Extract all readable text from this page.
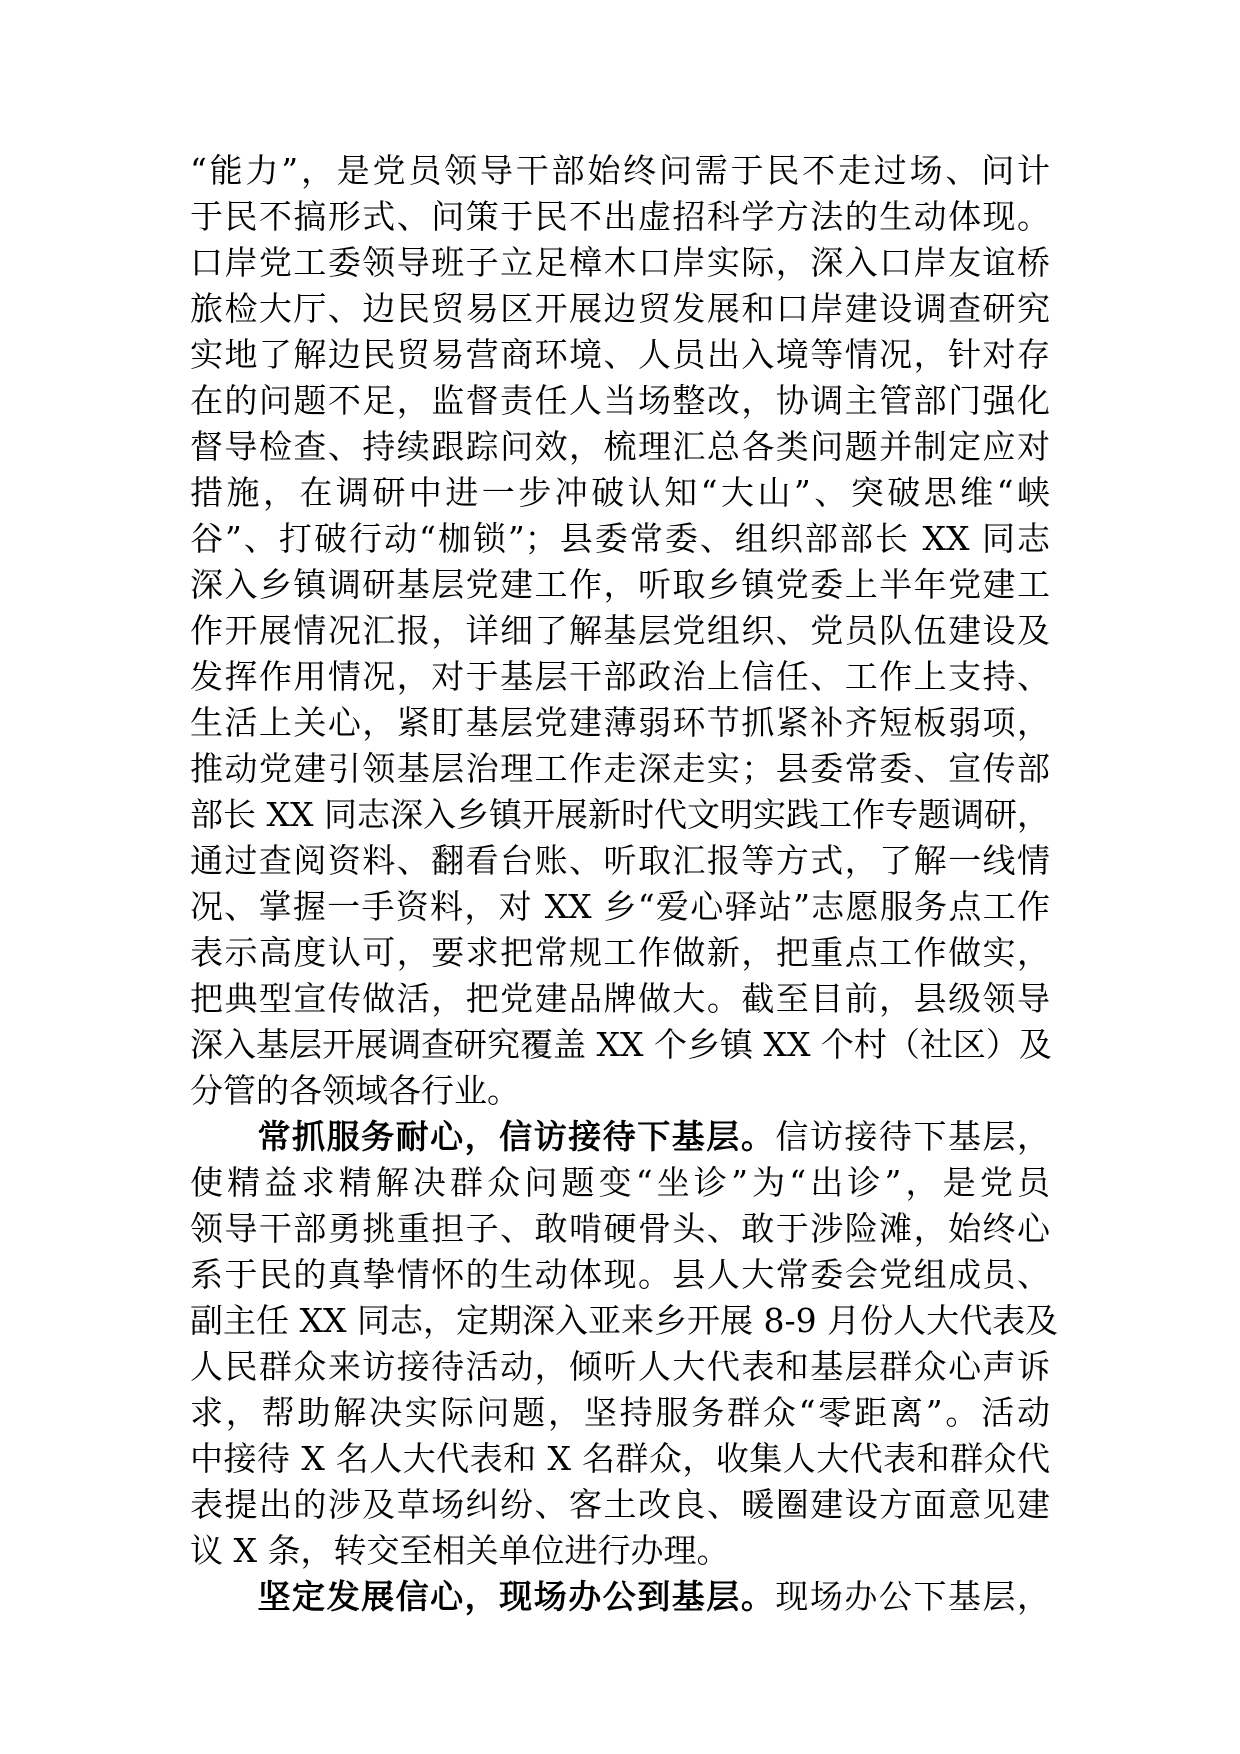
“能力”，是党员领导干部始终问需于民不走过场、问计
于民不搞形式、问策于民不出虚招科学方法的生动体现。
口岸党工委领导班子立足樟木口岸实际，深入口岸友谊桥
旅检大厅、边民贸易区开展边贸发展和口岸建设调查研究
实地了解边民贸易营商环境、人员出入境等情况，针对存
在的问题不足，监督责任人当场整改，协调主管部门强化
督导检查、持续跟踪问效，梳理汇总各类问题并制定应对
措施，在调研中进一步冲破认知“大山”、突破思维“峡
谷”、打破行动“枷锁”；县委常委、组织部部长 XX 同志
深入乡镇调研基层党建工作，听取乡镇党委上半年党建工
作开展情况汇报，详细了解基层党组织、党员队伍建设及
发挥作用情况，对于基层干部政治上信任、工作上支持、
生活上关心，紧盯基层党建薄弱环节抓紧补齐短板弱项，
推动党建引领基层治理工作走深走实；县委常委、宣传部
部长 XX 同志深入乡镇开展新时代文明实践工作专题调研，
通过查阅资料、翻看台账、听取汇报等方式，了解一线情
况、掌握一手资料，对 XX 乡“爱心驿站”志愿服务点工作
表示高度认可，要求把常规工作做新，把重点工作做实，
把典型宣传做活，把党建品牌做大。截至目前，县级领导
深入基层开展调查研究覆盖 XX 个乡镇 XX 个村（社区）及
分管的各领域各行业。
常抓服务耐心，信访接待下基层。信访接待下基层，
使精益求精解决群众问题变“坐诊”为“出诊”，是党员
领导干部勇挑重担子、敢啃硬骨头、敢于涉险滩，始终心
系于民的真挚情怀的生动体现。县人大常委会党组成员、
副主任 XX 同志，定期深入亚来乡开展 8-9 月份人大代表及
人民群众来访接待活动，倾听人大代表和基层群众心声诉
求，帮助解决实际问题，坚持服务群众“零距离”。活动
中接待 X 名人大代表和 X 名群众，收集人大代表和群众代
表提出的涉及草场纠纷、客土改良、暖圈建设方面意见建
议 X 条，转交至相关单位进行办理。
坚定发展信心，现场办公到基层。现场办公下基层，
